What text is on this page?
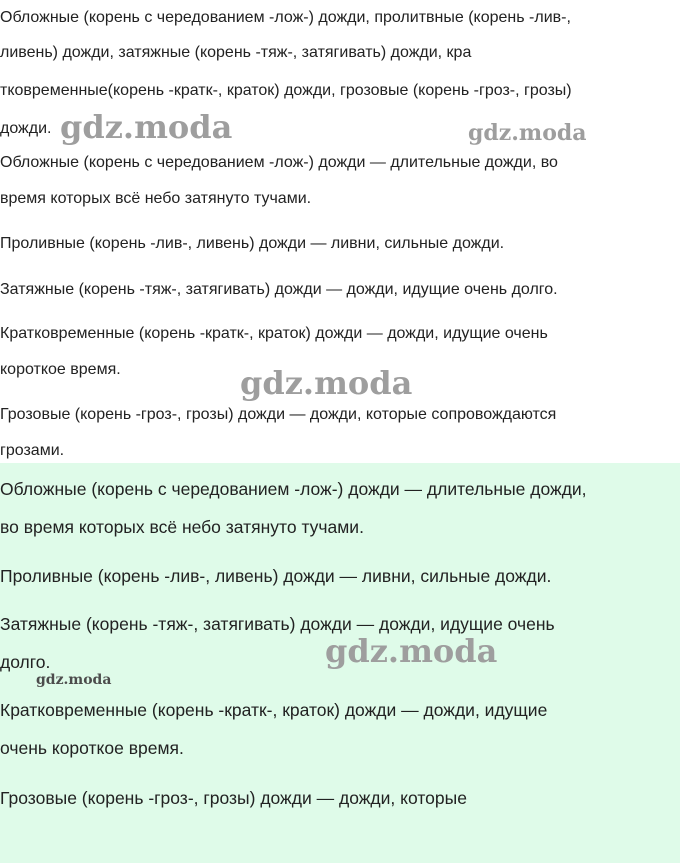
Обложные (корень с чередованием -лож-) дожди, пролитвные (корень -лив-,

ливень) дожди, затяжные (корень -тяж-, затягивать) дожди, кра

тковременные(корень -кратк-, краток) дожди, грозовые (корень -гроз-, грозы)

дожди.

Обложные (корень с чередованием -лож-) дожди — длительные дожди, во

время которых всё небо затянуто тучами.

Проливные (корень -лив-, ливень) дожди — ливни, сильные дожди.

Затяжные (корень -тяж-, затягивать) дожди — дожди, идущие очень долго.

Кратковременные (корень -кратк-, краток) дожди — дожди, идущие очень

короткое время.

Грозовые (корень -гроз-, грозы) дожди — дожди, которые сопровождаются

грозами.

Обложные (корень с чередованием -лож-) дожди — длительные дожди,

во время которых всё небо затянуто тучами.

Проливные (корень -лив-, ливень) дожди — ливни, сильные дожди.

Затяжные (корень -тяж-, затягивать) дожди — дожди, идущие очень

долго.

Кратковременные (корень -кратк-, краток) дожди — дожди, идущие

очень короткое время.

Грозовые (корень -гроз-, грозы) дожди — дожди, которые

gdz.moda	gdz.moda
gdz.moda
gdz.moda
gdz.moda
